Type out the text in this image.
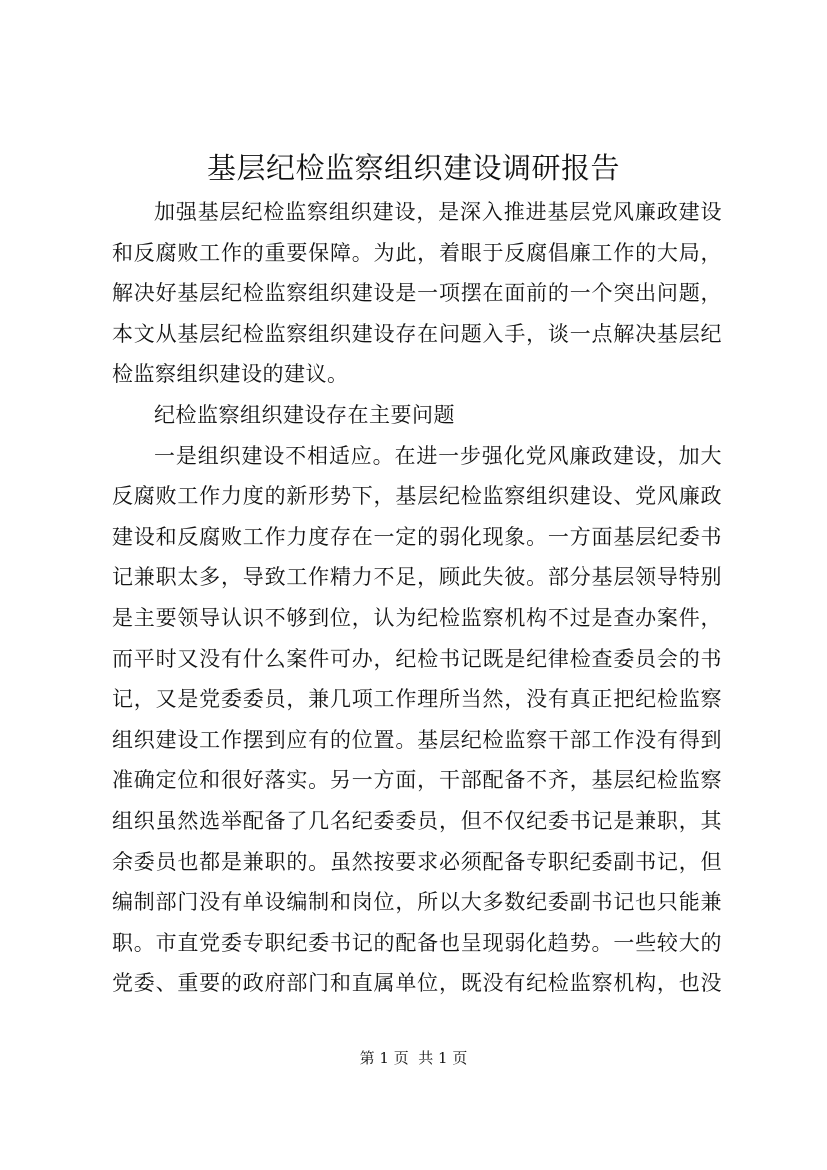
基层纪检监察组织建设调研报告
加强基层纪检监察组织建设，是深入推进基层党风廉政建设
和反腐败工作的重要保障。为此，着眼于反腐倡廉工作的大局，
解决好基层纪检监察组织建设是一项摆在面前的一个突出问题，
本文从基层纪检监察组织建设存在问题入手，谈一点解决基层纪
检监察组织建设的建议。
纪检监察组织建设存在主要问题
一是组织建设不相适应。在进一步强化党风廉政建设，加大
反腐败工作力度的新形势下，基层纪检监察组织建设、党风廉政
建设和反腐败工作力度存在一定的弱化现象。一方面基层纪委书
记兼职太多，导致工作精力不足，顾此失彼。部分基层领导特别
是主要领导认识不够到位，认为纪检监察机构不过是查办案件，
而平时又没有什么案件可办，纪检书记既是纪律检查委员会的书
记，又是党委委员，兼几项工作理所当然，没有真正把纪检监察
组织建设工作摆到应有的位置。基层纪检监察干部工作没有得到
准确定位和很好落实。另一方面，干部配备不齐，基层纪检监察
组织虽然选举配备了几名纪委委员，但不仅纪委书记是兼职，其
余委员也都是兼职的。虽然按要求必须配备专职纪委副书记，但
编制部门没有单设编制和岗位，所以大多数纪委副书记也只能兼
职。市直党委专职纪委书记的配备也呈现弱化趋势。一些较大的
党委、重要的政府部门和直属单位，既没有纪检监察机构，也没
第 1 页  共 1 页
